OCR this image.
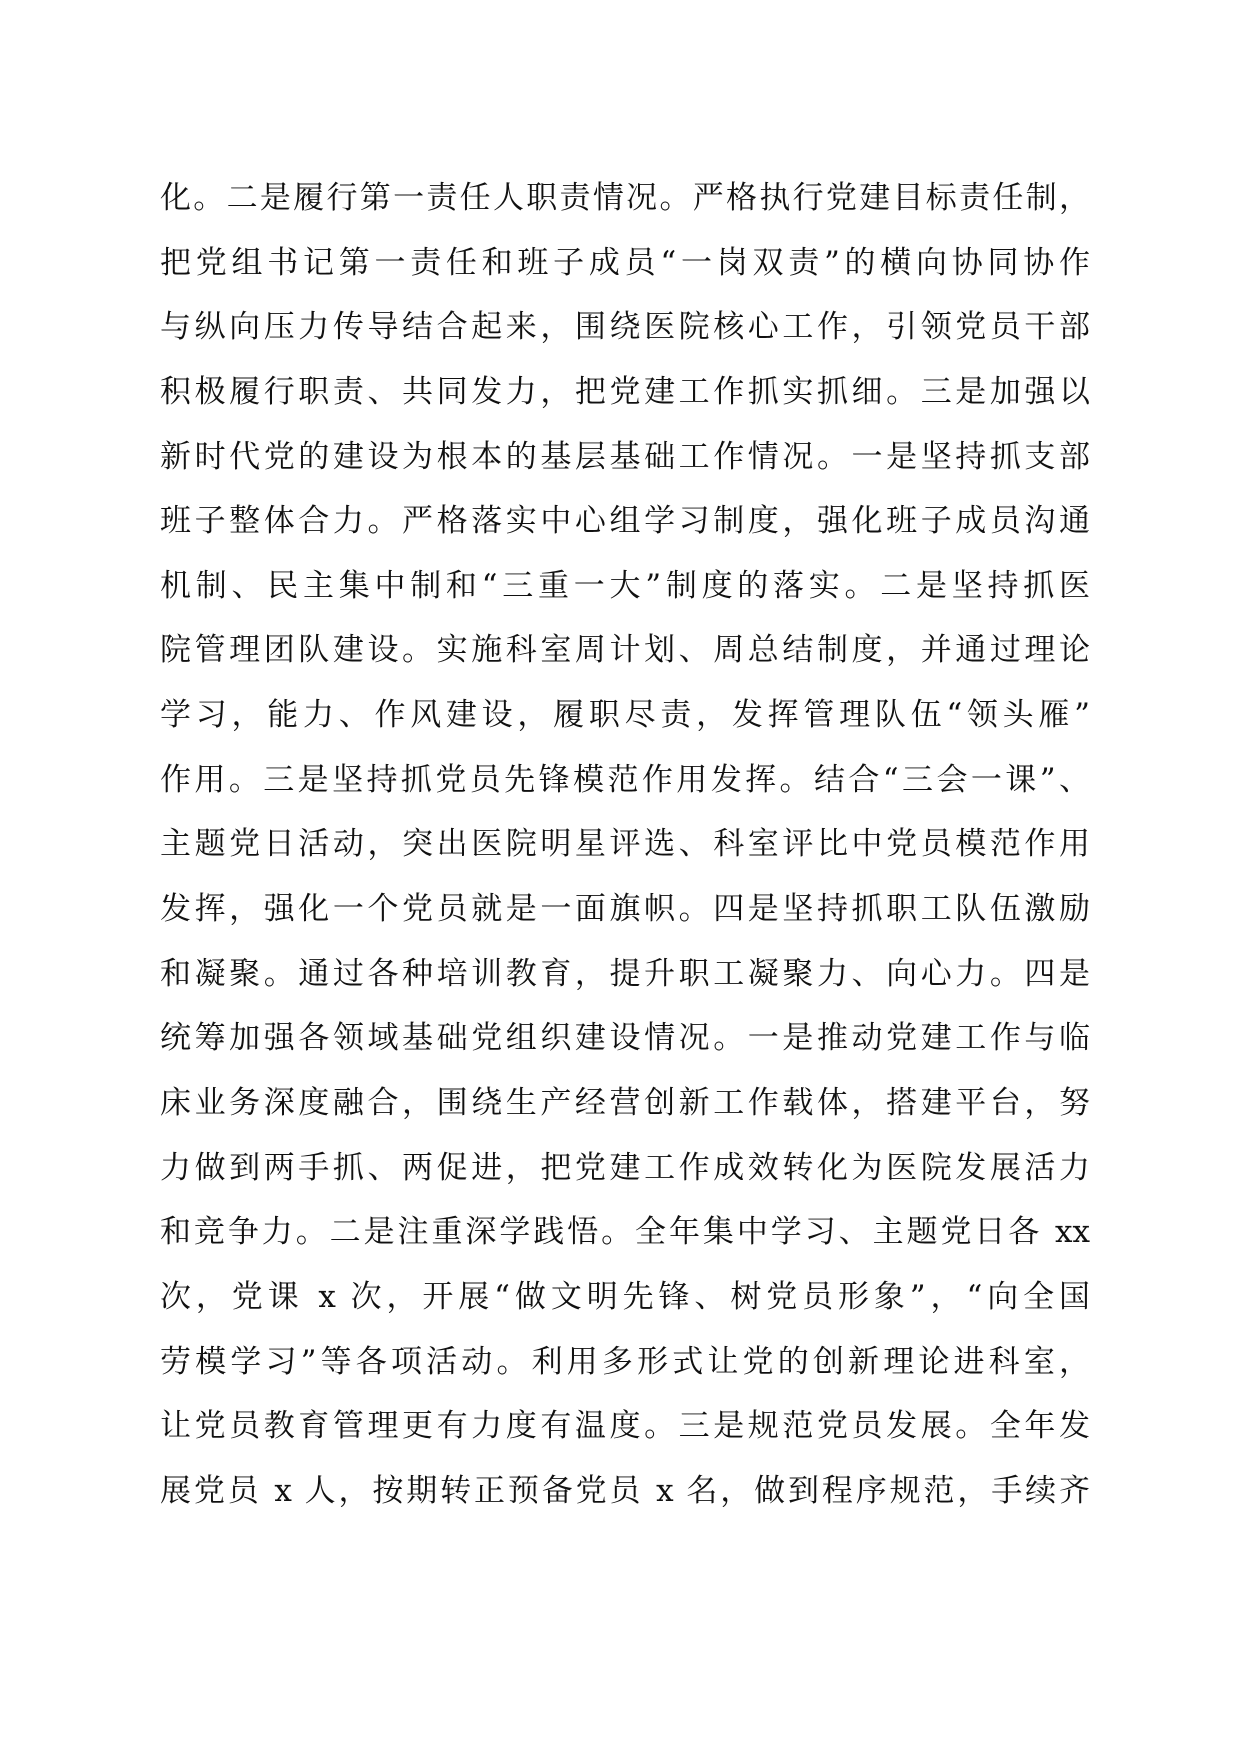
化。二是履行第一责任人职责情况。严格执行党建目标责任制，
把党组书记第一责任和班子成员“一岗双责”的横向协同协作
与纵向压力传导结合起来，围绕医院核心工作，引领党员干部
积极履行职责、共同发力，把党建工作抓实抓细。三是加强以
新时代党的建设为根本的基层基础工作情况。一是坚持抓支部
班子整体合力。严格落实中心组学习制度，强化班子成员沟通
机制、民主集中制和“三重一大”制度的落实。二是坚持抓医
院管理团队建设。实施科室周计划、周总结制度，并通过理论
学习，能力、作风建设，履职尽责，发挥管理队伍“领头雁”
作用。三是坚持抓党员先锋模范作用发挥。结合“三会一课”、
主题党日活动，突出医院明星评选、科室评比中党员模范作用
发挥，强化一个党员就是一面旗帜。四是坚持抓职工队伍激励
和凝聚。通过各种培训教育，提升职工凝聚力、向心力。四是
统筹加强各领域基础党组织建设情况。一是推动党建工作与临
床业务深度融合，围绕生产经营创新工作载体，搭建平台，努
力做到两手抓、两促进，把党建工作成效转化为医院发展活力
和竞争力。二是注重深学践悟。全年集中学习、主题党日各 xx
次，党课 x 次，开展“做文明先锋、树党员形象”，“向全国
劳模学习”等各项活动。利用多形式让党的创新理论进科室，
让党员教育管理更有力度有温度。三是规范党员发展。全年发
展党员 x 人，按期转正预备党员 x 名，做到程序规范，手续齐
